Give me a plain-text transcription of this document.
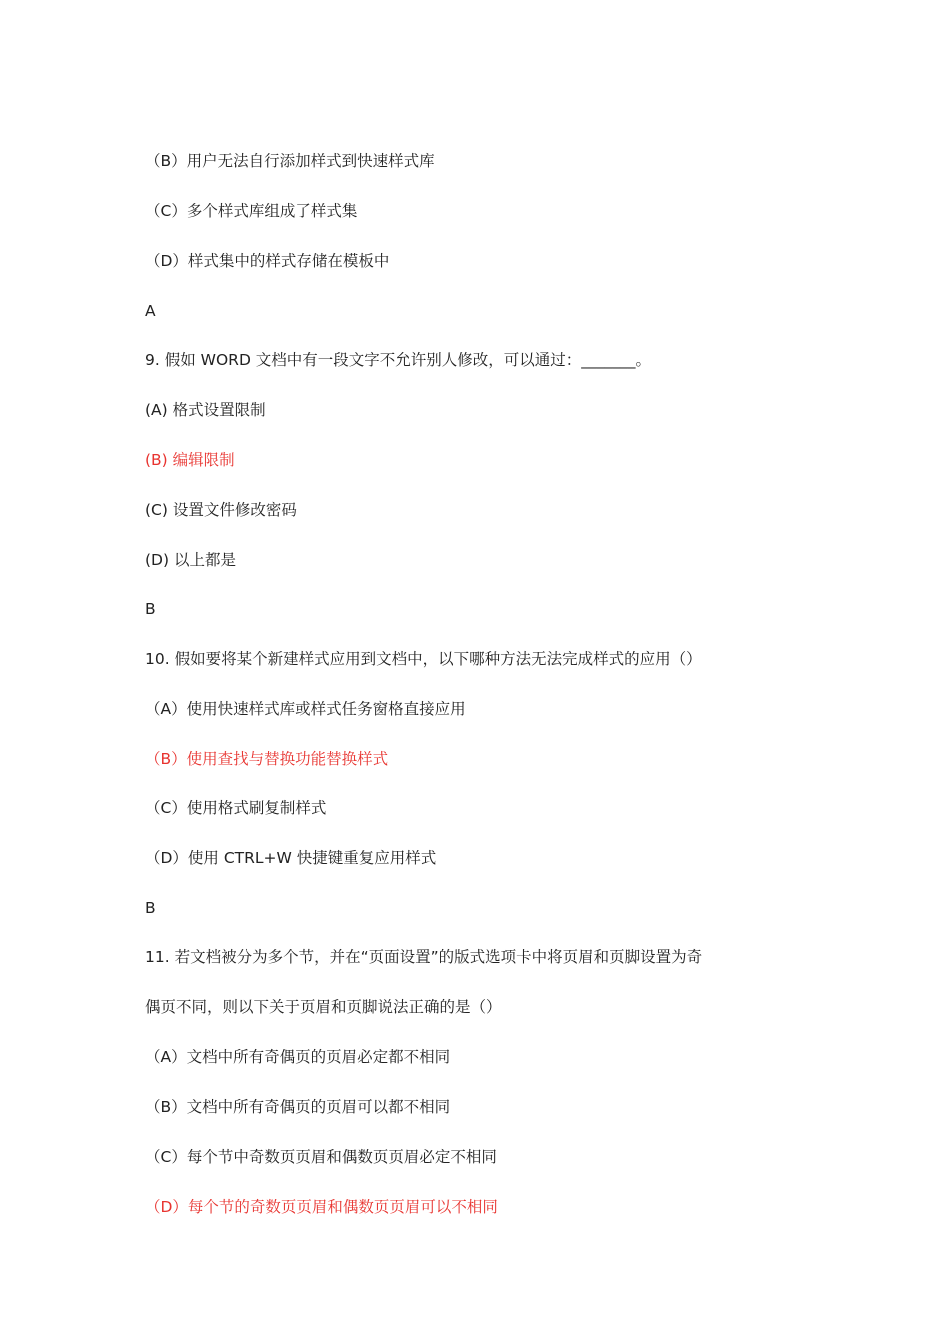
（B）用户无法自行添加样式到快速样式库
（C）多个样式库组成了样式集
（D）样式集中的样式存储在模板中
A
9. 假如 WORD 文档中有一段文字不允许别人修改，可以通过：_______。
(A) 格式设置限制
(B) 编辑限制
(C) 设置文件修改密码
(D) 以上都是
B
10. 假如要将某个新建样式应用到文档中，以下哪种方法无法完成样式的应用（）
（A）使用快速样式库或样式任务窗格直接应用
（B）使用查找与替换功能替换样式
（C）使用格式刷复制样式
（D）使用 CTRL+W 快捷键重复应用样式
B
11. 若文档被分为多个节，并在“页面设置”的版式选项卡中将页眉和页脚设置为奇
偶页不同，则以下关于页眉和页脚说法正确的是（）
（A）文档中所有奇偶页的页眉必定都不相同
（B）文档中所有奇偶页的页眉可以都不相同
（C）每个节中奇数页页眉和偶数页页眉必定不相同
（D）每个节的奇数页页眉和偶数页页眉可以不相同
